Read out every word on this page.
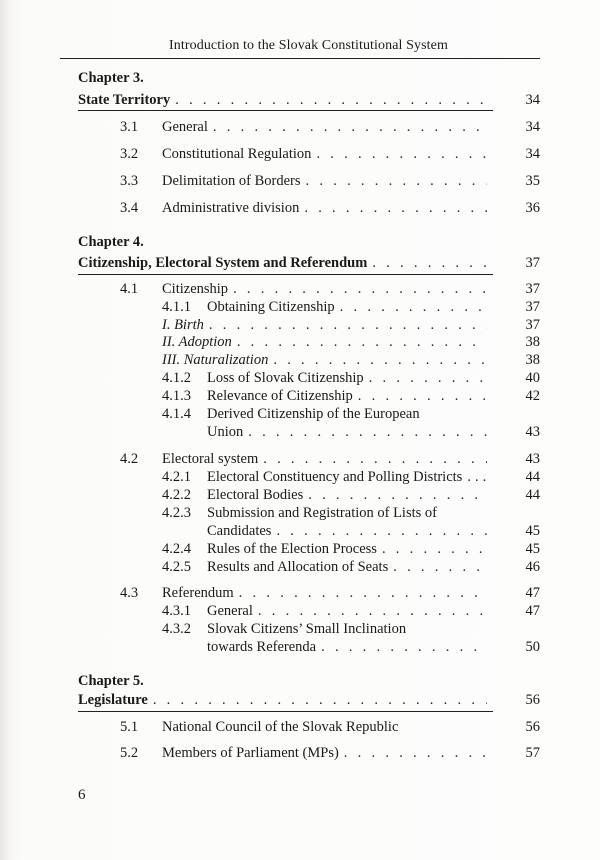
Introduction to the Slovak Constitutional System
Chapter 3.
State Territory . . .	34
3.1 General . . .	34
3.2 Constitutional Regulation . . .	34
3.3 Delimitation of Borders . . .	35
3.4 Administrative division . . .	36
Chapter 4.
Citizenship, Electoral System and Referendum . . .	37
4.1 Citizenship . . .	37
4.1.1 Obtaining Citizenship . . .	37
I. Birth . . .	37
II. Adoption . . .	38
III. Naturalization . . .	38
4.1.2 Loss of Slovak Citizenship . . .	40
4.1.3 Relevance of Citizenship . . .	42
4.1.4 Derived Citizenship of the European
Union . . .	43
4.2 Electoral system . . .	43
4.2.1 Electoral Constituency and Polling Districts . . .	44
4.2.2 Electoral Bodies . . .	44
4.2.3 Submission and Registration of Lists of
Candidates . . .	45
4.2.4 Rules of the Election Process . . .	45
4.2.5 Results and Allocation of Seats . . .	46
4.3 Referendum . . .	47
4.3.1 General . . .	47
4.3.2 Slovak Citizens’ Small Inclination
towards Referenda . . .	50
Chapter 5.
Legislature . . .	56
5.1 National Council of the Slovak Republic	56
5.2 Members of Parliament (MPs) . . .	57
6
